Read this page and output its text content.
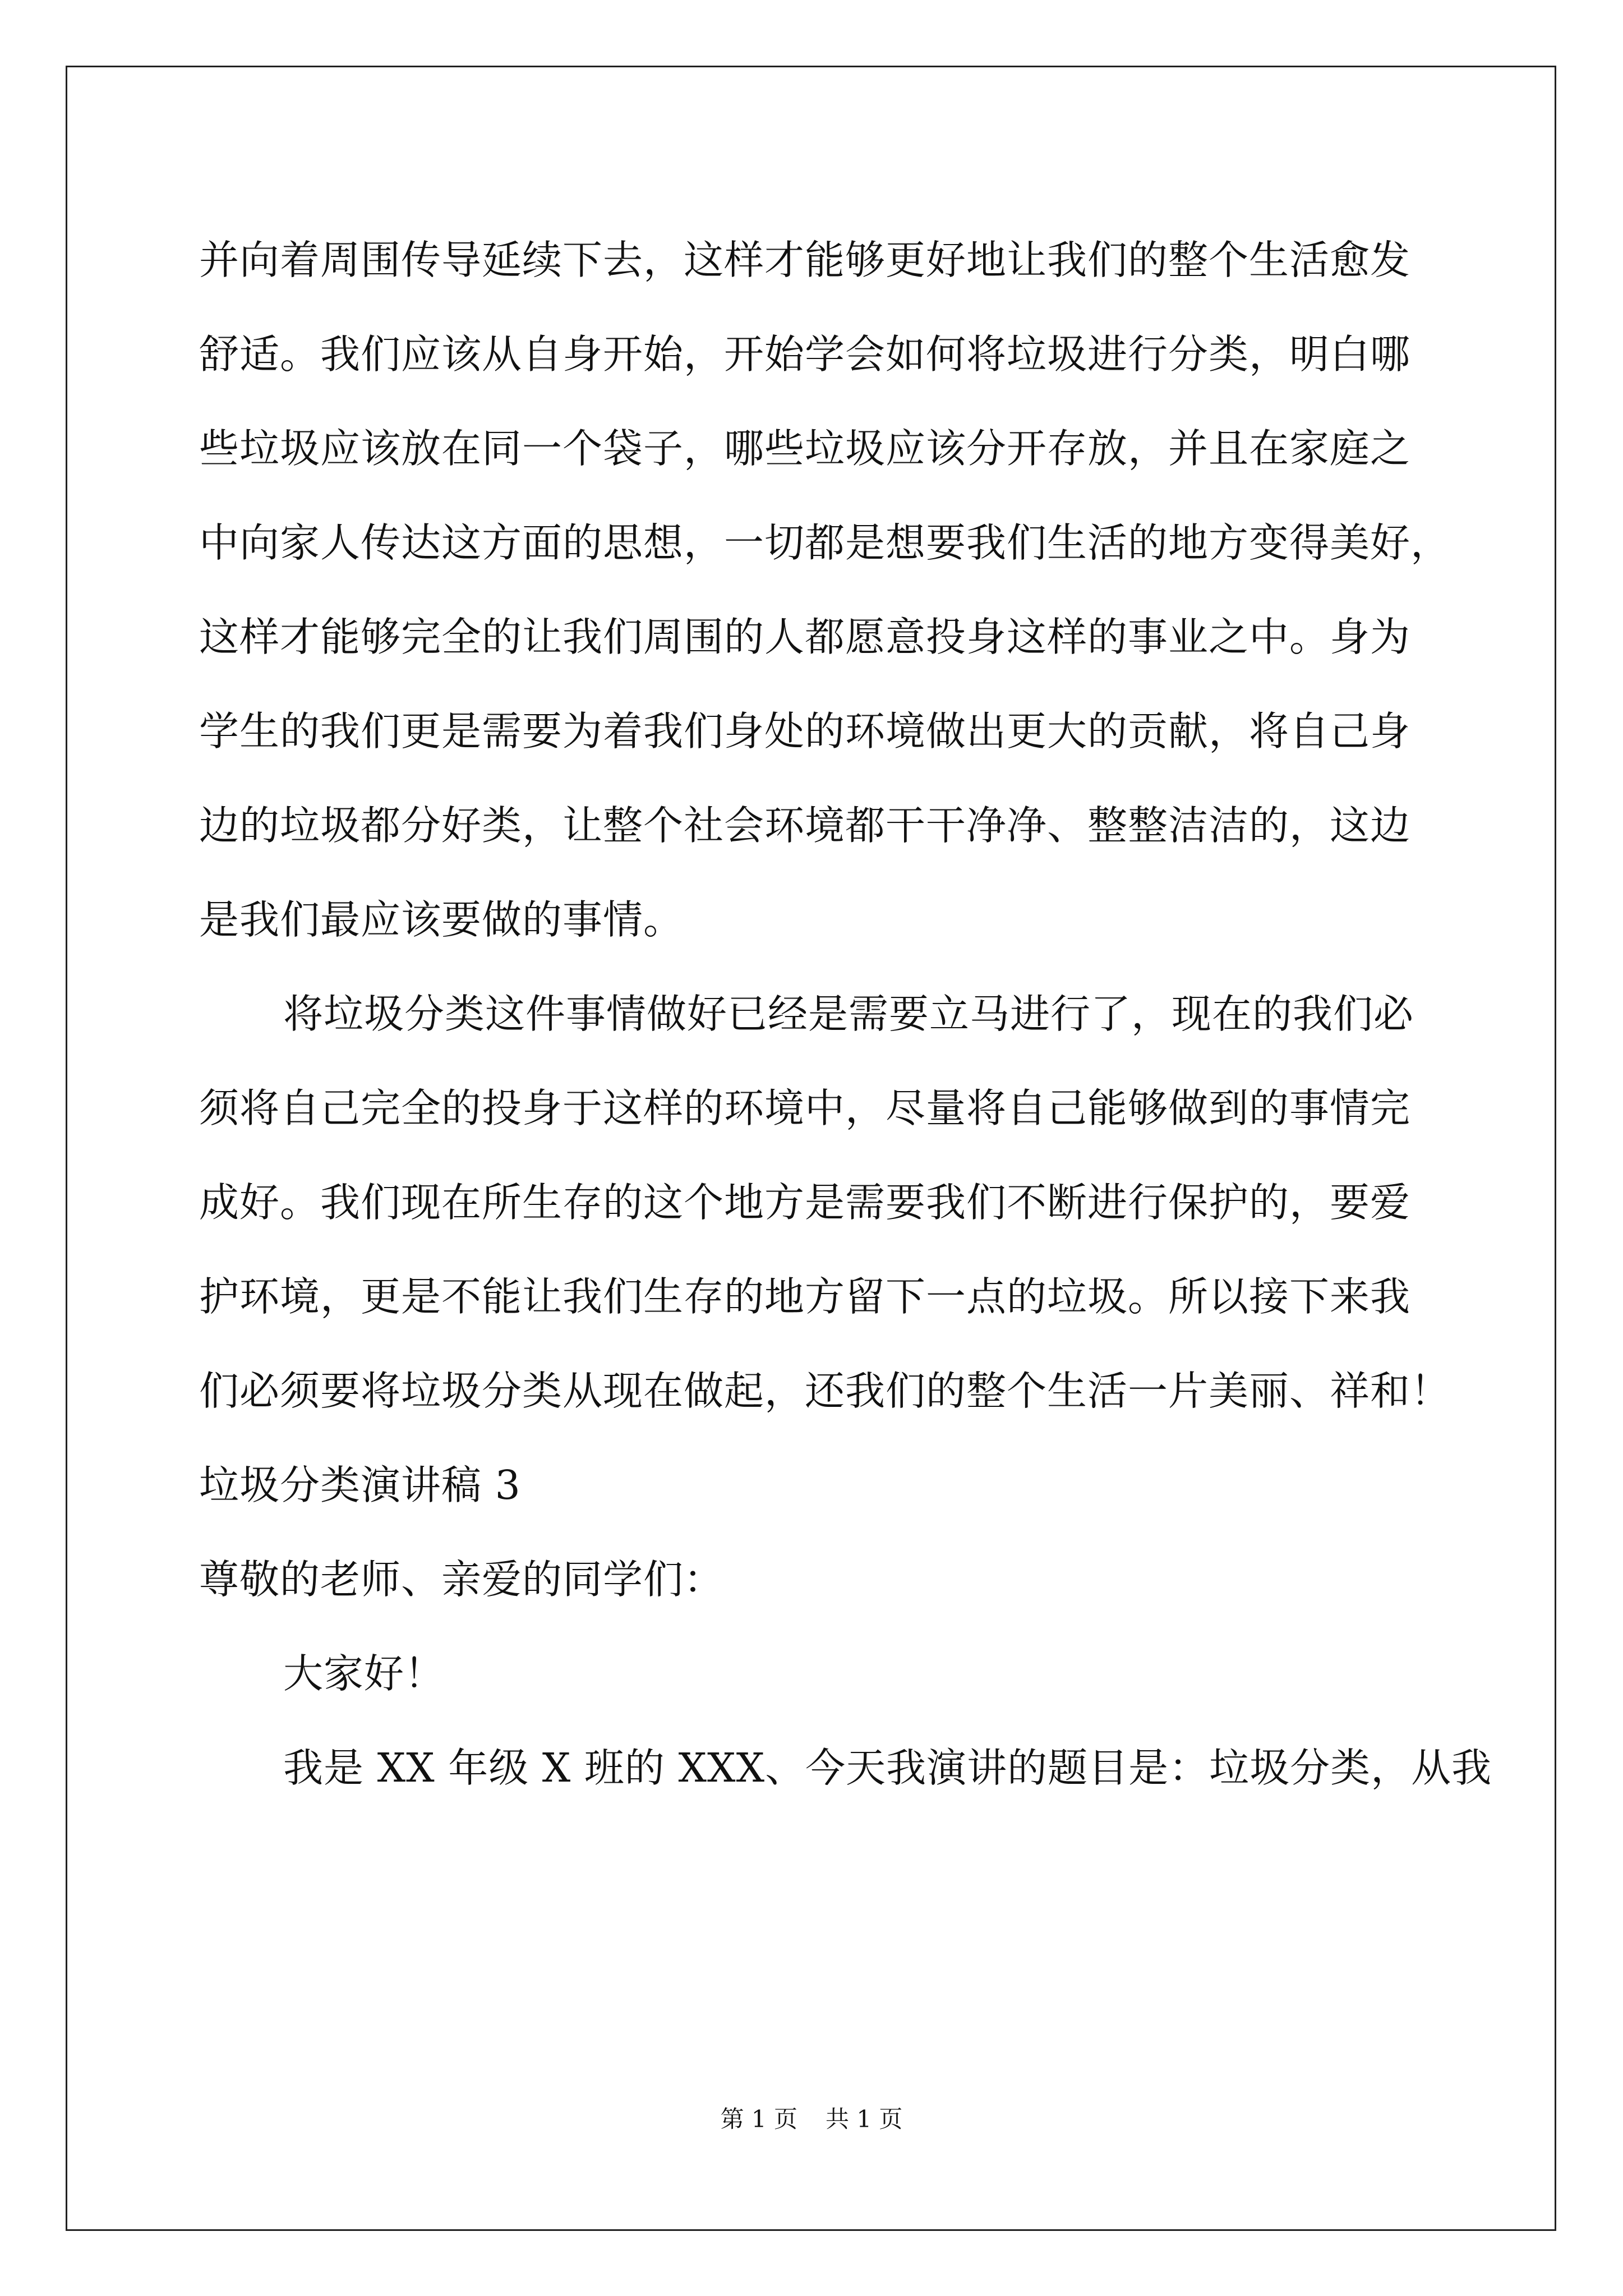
并向着周围传导延续下去，这样才能够更好地让我们的整个生活愈发
舒适。我们应该从自身开始，开始学会如何将垃圾进行分类，明白哪
些垃圾应该放在同一个袋子，哪些垃圾应该分开存放，并且在家庭之
中向家人传达这方面的思想，一切都是想要我们生活的地方变得美好，
这样才能够完全的让我们周围的人都愿意投身这样的事业之中。身为
学生的我们更是需要为着我们身处的环境做出更大的贡献，将自己身
边的垃圾都分好类，让整个社会环境都干干净净、整整洁洁的，这边
是我们最应该要做的事情。
将垃圾分类这件事情做好已经是需要立马进行了，现在的我们必
须将自己完全的投身于这样的环境中，尽量将自己能够做到的事情完
成好。我们现在所生存的这个地方是需要我们不断进行保护的，要爱
护环境，更是不能让我们生存的地方留下一点的垃圾。所以接下来我
们必须要将垃圾分类从现在做起，还我们的整个生活一片美丽、祥和！
垃圾分类演讲稿 3
尊敬的老师、亲爱的同学们：
大家好！
我是 XX 年级 X 班的 XXX、今天我演讲的题目是：垃圾分类，从我
第 1 页 共 1 页
